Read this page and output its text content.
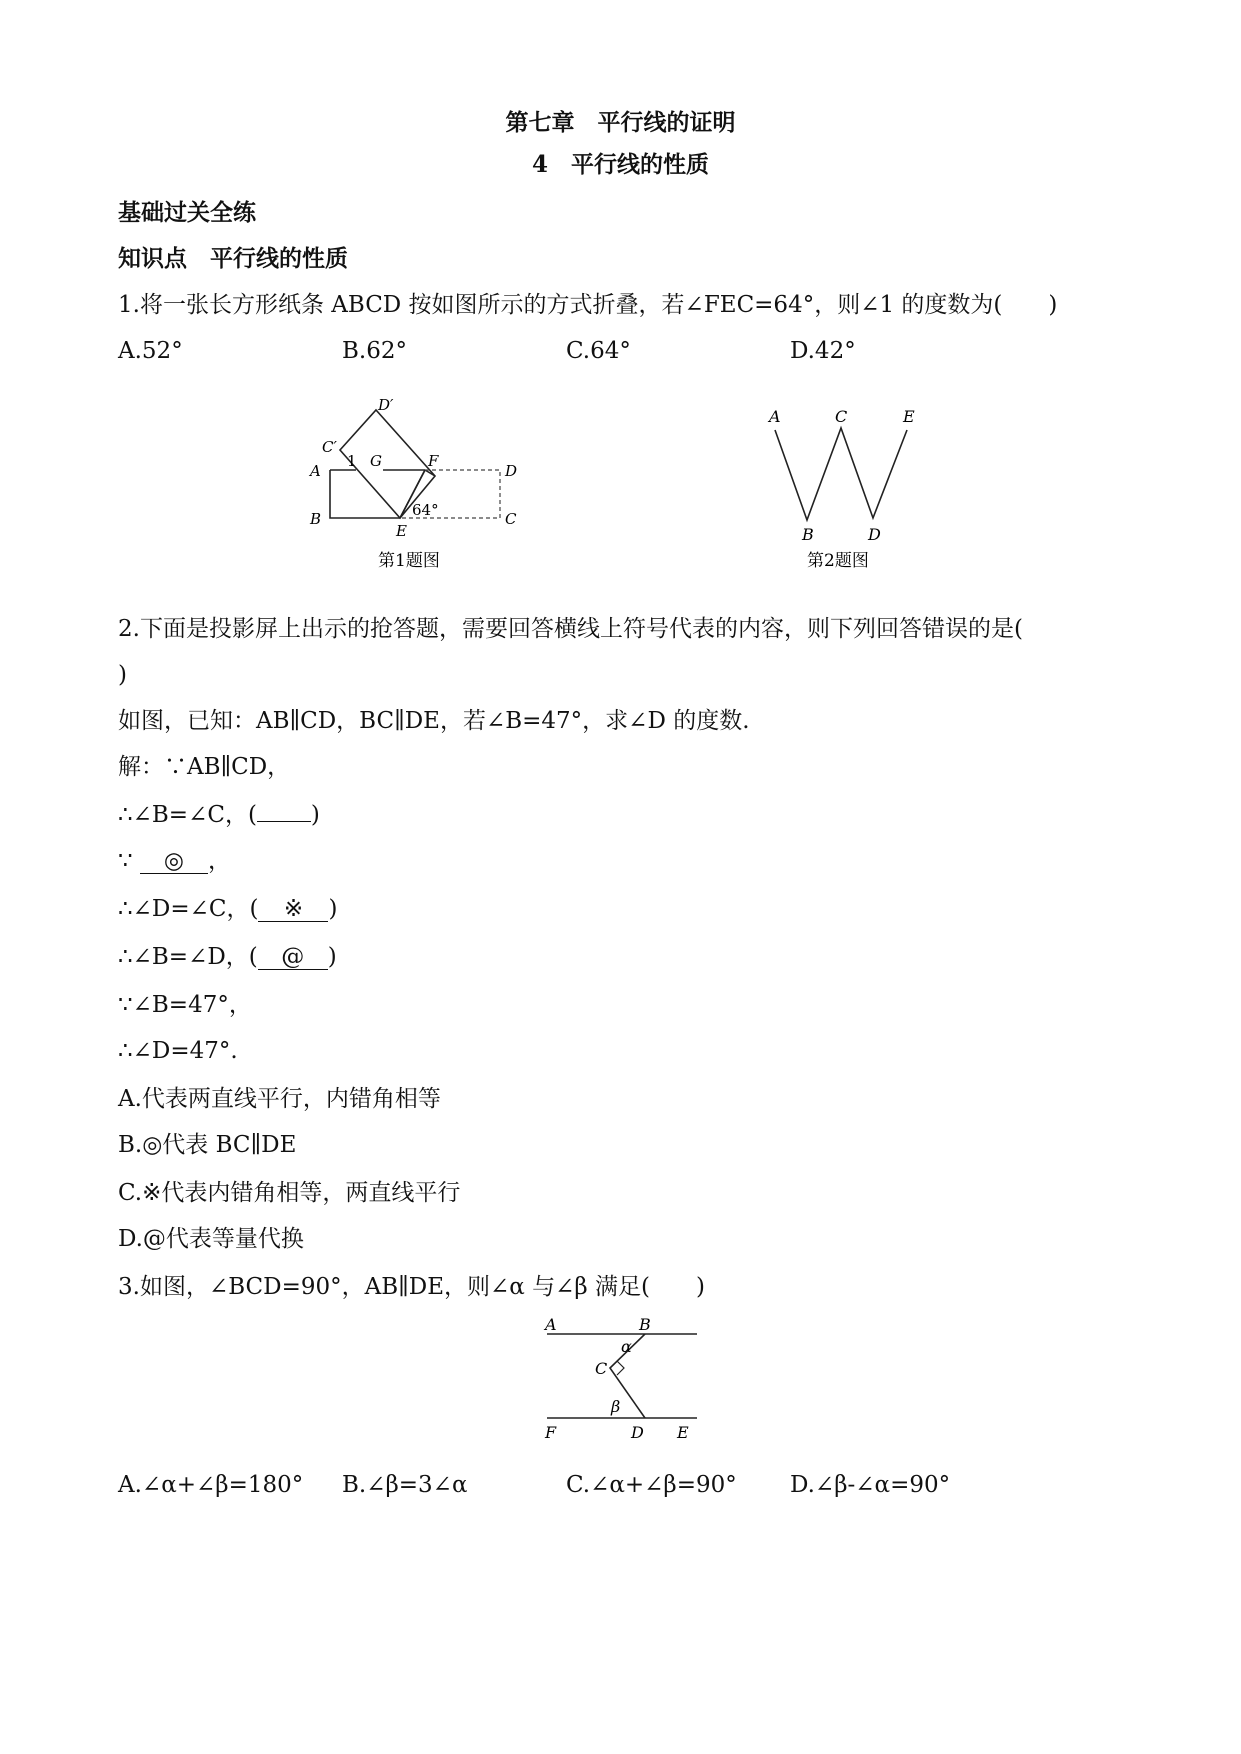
第七章　平行线的证明
4　平行线的性质
基础过关全练
知识点　平行线的性质
1.将一张长方形纸条 ABCD 按如图所示的方式折叠，若∠FEC=64°，则∠1 的度数为(　　)
A.52°	B.62°	C.64°	D.42°
A
B	C
D
C′
D′
E
F
G
1
64°
第1题图
A
B
C
D
E
第2题图
2.下面是投影屏上出示的抢答题，需要回答横线上符号代表的内容，则下列回答错误的是(
)
如图，已知：AB∥CD，BC∥DE，若∠B=47°，求∠D 的度数.
解：∵AB∥CD，
∴∠B=∠C，( )
∵ ◎ ，
∴∠D=∠C，( ※ )
∴∠B=∠D，( @ )
∵∠B=47°，
∴∠D=47°.
A.代表两直线平行，内错角相等
B.◎代表 BC∥DE
C.※代表内错角相等，两直线平行
D.@代表等量代换
3.如图，∠BCD=90°，AB∥DE，则∠α 与∠β 满足(　　)
A	B
C
F	D E
α
β
A.∠α+∠β=180° B.∠β=3∠α	C.∠α+∠β=90° D.∠β-∠α=90°
